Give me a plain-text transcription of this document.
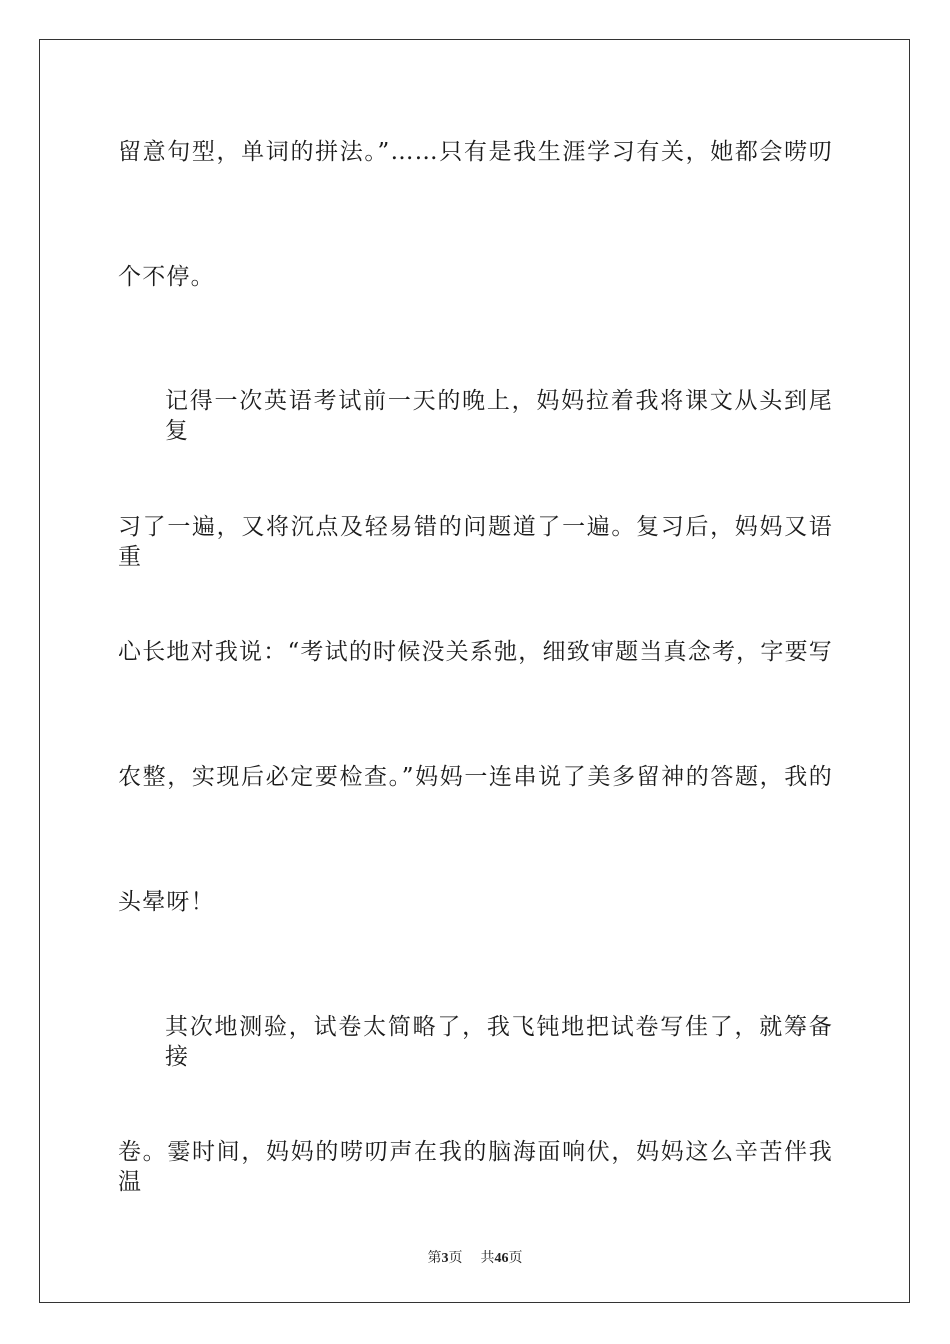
留意句型，单词的拼法。”……只有是我生涯学习有关，她都会唠叨
个不停。
记得一次英语考试前一天的晚上，妈妈拉着我将课文从头到尾复
习了一遍，又将沉点及轻易错的问题道了一遍。复习后，妈妈又语重
心长地对我说：“考试的时候没关系弛，细致审题当真念考，字要写
农整，实现后必定要检查。”妈妈一连串说了美多留神的答题，我的
头晕呀！
其次地测验，试卷太简略了，我飞钝地把试卷写佳了，就筹备接
卷。霎时间，妈妈的唠叨声在我的脑海面响伏，妈妈这么辛苦伴我温
第3页 共46页
